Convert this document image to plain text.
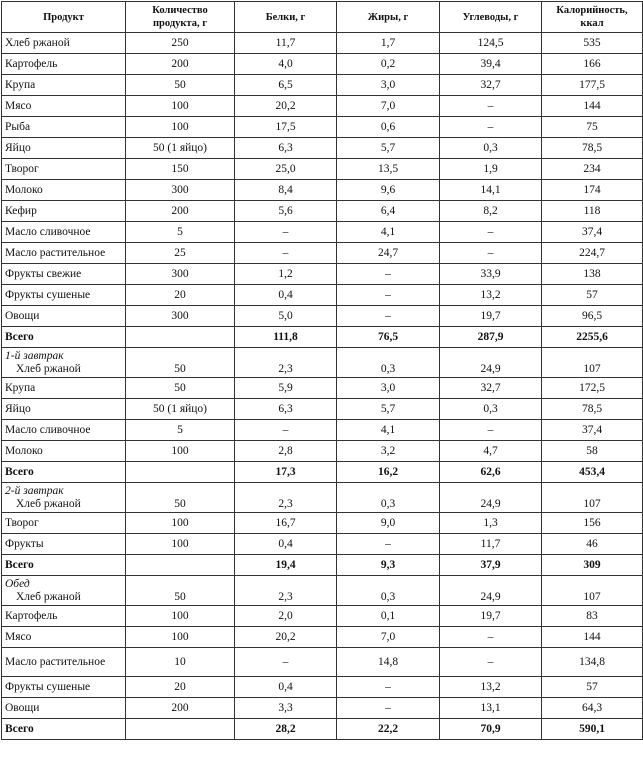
Продукт	Количество продукта, г	Белки, г	Жиры, г	Углеводы, г	Калорийность, ккал
Хлеб ржаной	250	11,7	1,7	124,5	535
Картофель	200	4,0	0,2	39,4	166
Крупа	50	6,5	3,0	32,7	177,5
Мясо	100	20,2	7,0	–	144
Рыба	100	17,5	0,6	–	75
Яйцо	50 (1 яйцо)	6,3	5,7	0,3	78,5
Творог	150	25,0	13,5	1,9	234
Молоко	300	8,4	9,6	14,1	174
Кефир	200	5,6	6,4	8,2	118
Масло сливочное	5	–	4,1	–	37,4
Масло растительное	25	–	24,7	–	224,7
Фрукты свежие	300	1,2	–	33,9	138
Фрукты сушеные	20	0,4	–	13,2	57
Овощи	300	5,0	–	19,7	96,5
Всего		111,8	76,5	287,9	2255,6

1-й завтрак
Хлеб ржаной	50	2,3	0,3	24,9	107
Крупа	50	5,9	3,0	32,7	172,5
Яйцо	50 (1 яйцо)	6,3	5,7	0,3	78,5
Масло сливочное	5	–	4,1	–	37,4
Молоко	100	2,8	3,2	4,7	58
Всего		17,3	16,2	62,6	453,4

2-й завтрак
Хлеб ржаной	50	2,3	0,3	24,9	107
Творог	100	16,7	9,0	1,3	156
Фрукты	100	0,4	–	11,7	46
Всего		19,4	9,3	37,9	309

Обед
Хлеб ржаной	50	2,3	0,3	24,9	107
Картофель	100	2,0	0,1	19,7	83
Мясо	100	20,2	7,0	–	144
Масло растительное	10	–	14,8	–	134,8
Фрукты сушеные	20	0,4	–	13,2	57
Овощи	200	3,3	–	13,1	64,3
Всего		28,2	22,2	70,9	590,1
